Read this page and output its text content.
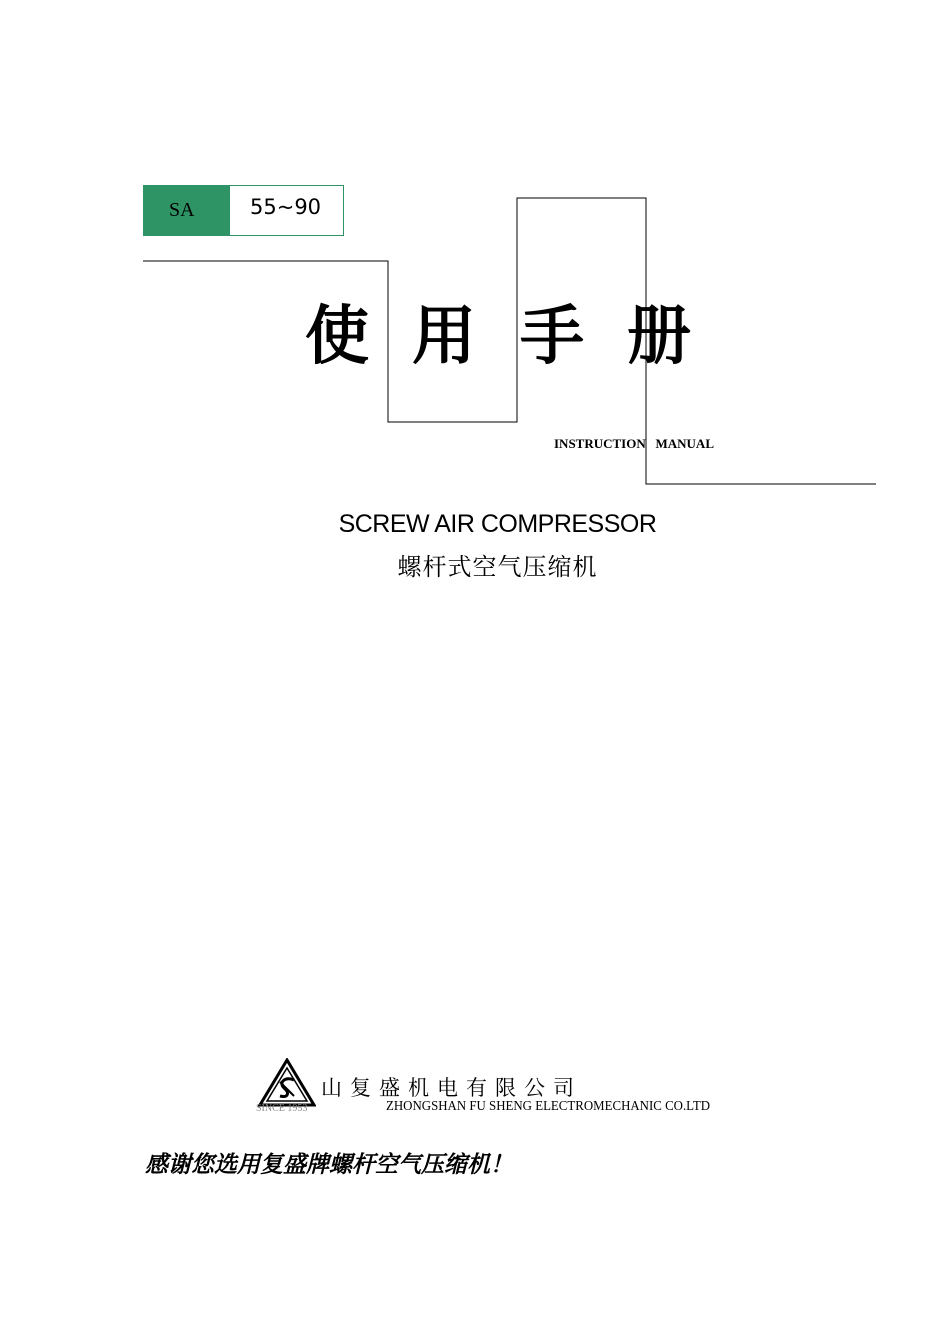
SA	55~90
使 用 手 册
INSTRUCTION   MANUAL
SCREW AIR COMPRESSOR
螺杆式空气压缩机
SINCE 1953
山复盛机电有限公司
ZHONGSHAN FU SHENG ELECTROMECHANIC CO.LTD
感谢您选用复盛牌螺杆空气压缩机！
